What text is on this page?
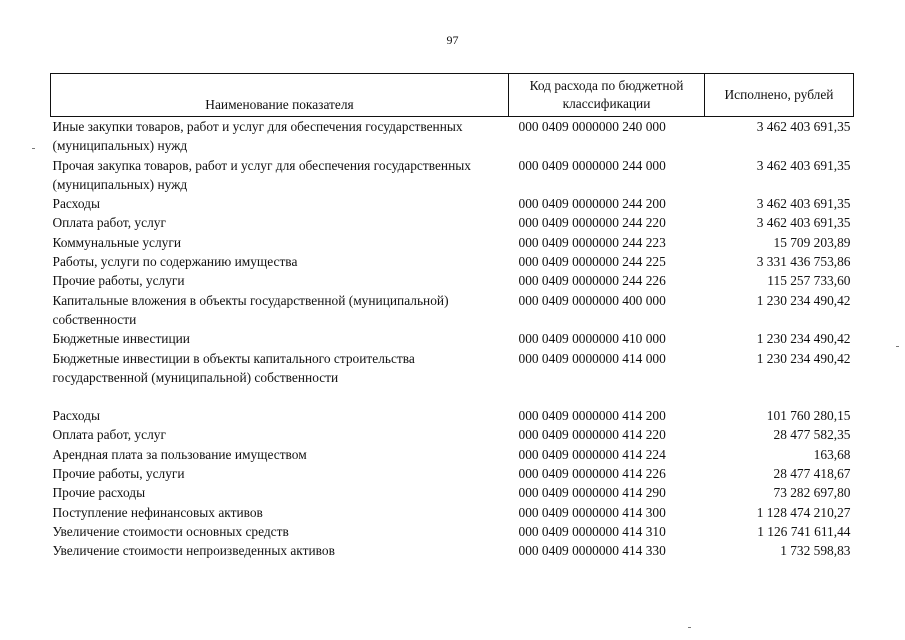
97
Наименование показателя	Код расхода по бюджетной классификации	Исполнено, рублей
Иные закупки товаров, работ и услуг для обеспечения государственных (муниципальных) нужд	000 0409 0000000 240 000	3 462 403 691,35
Прочая закупка товаров, работ и услуг для обеспечения государственных (муниципальных) нужд	000 0409 0000000 244 000	3 462 403 691,35
Расходы	000 0409 0000000 244 200	3 462 403 691,35
Оплата работ, услуг	000 0409 0000000 244 220	3 462 403 691,35
Коммунальные услуги	000 0409 0000000 244 223	15 709 203,89
Работы, услуги по содержанию имущества	000 0409 0000000 244 225	3 331 436 753,86
Прочие работы, услуги	000 0409 0000000 244 226	115 257 733,60
Капитальные вложения в объекты государственной (муниципальной) собственности	000 0409 0000000 400 000	1 230 234 490,42
Бюджетные инвестиции	000 0409 0000000 410 000	1 230 234 490,42
Бюджетные инвестиции в объекты капитального строительства государственной (муниципальной) собственности	000 0409 0000000 414 000	1 230 234 490,42

Расходы	000 0409 0000000 414 200	101 760 280,15
Оплата работ, услуг	000 0409 0000000 414 220	28 477 582,35
Арендная плата за пользование имуществом	000 0409 0000000 414 224	163,68
Прочие работы, услуги	000 0409 0000000 414 226	28 477 418,67
Прочие расходы	000 0409 0000000 414 290	73 282 697,80
Поступление нефинансовых активов	000 0409 0000000 414 300	1 128 474 210,27
Увеличение стоимости основных средств	000 0409 0000000 414 310	1 126 741 611,44
Увеличение стоимости непроизведенных активов	000 0409 0000000 414 330	1 732 598,83
